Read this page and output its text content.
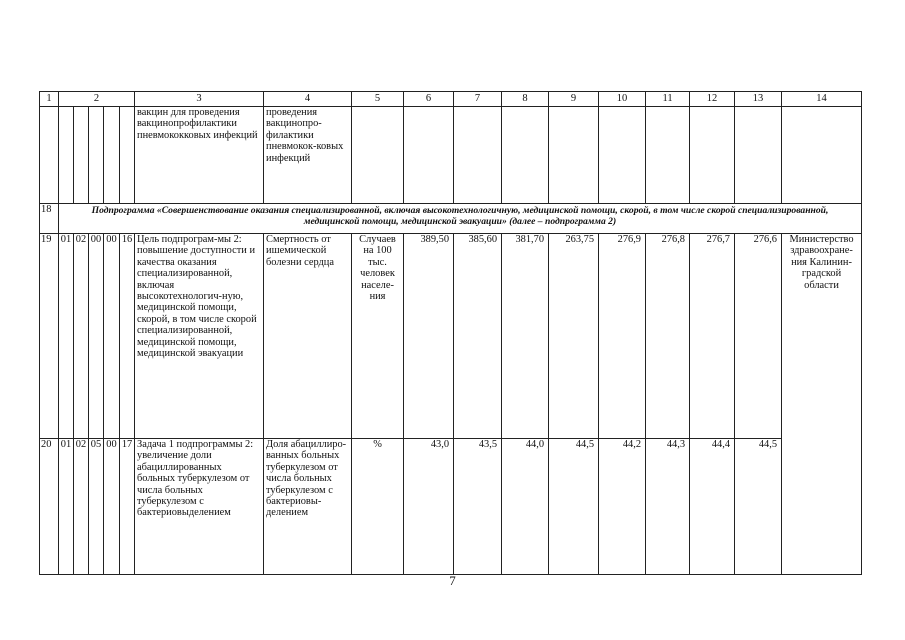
1	2					3	4	5	6	7	8	9	10	11	12	13	14
						вакцин для проведения вакцинопрофилактики пневмококковых инфекций	проведения вакцинопро-филактики пневмокок-ковых инфекций										
18	Подпрограмма «Совершенствование оказания специализированной, включая высокотехнологичную, медицинской помощи, скорой, в том числе скорой специализированной, медицинской помощи, медицинской эвакуации» (далее – подпрограмма 2)																
19	01	02	00	00	16	Цель подпрограм-мы 2: повышение доступности и качества оказания специализированной, включая высокотехнологич-ную, медицинской помощи, скорой, в том числе скорой специализированной, медицинской помощи, медицинской эвакуации	Смертность от ишемической болезни сердца	Случаев на 100 тыс. человек населе-ния	389,50	385,60	381,70	263,75	276,9	276,8	276,7	276,6	Министерство здравоохране-ния Калинин-градской области
20	01	02	05	00	17	Задача 1 подпрограммы 2: увеличение доли абациллированных больных туберкулезом от числа больных туберкулезом с бактериовыделением	Доля абациллиро-ванных больных туберкулезом от числа больных туберкулезом с бактериовы-делением	%	43,0	43,5	44,0	44,5	44,2	44,3	44,4	44,5	
7
